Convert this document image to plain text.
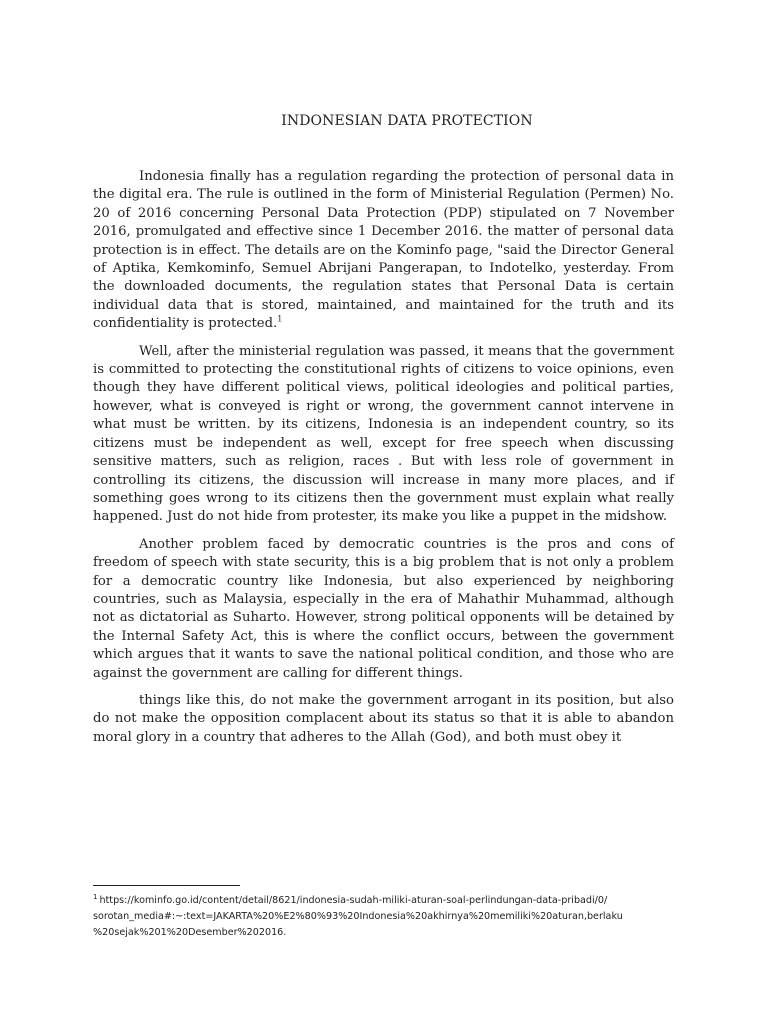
INDONESIAN DATA PROTECTION

Indonesia finally has a regulation regarding the protection of personal data in the digital era. The rule is outlined in the form of Ministerial Regulation (Permen) No. 20 of 2016 concerning Personal Data Protection (PDP) stipulated on 7 November 2016, promulgated and effective since 1 December 2016. the matter of personal data protection is in effect. The details are on the Kominfo page, "said the Director General of Aptika, Kemkominfo, Semuel Abrijani Pangerapan, to Indotelko, yesterday. From the downloaded documents, the regulation states that Personal Data is certain individual data that is stored, maintained, and maintained for the truth and its confidentiality is protected.$^1$

Well, after the ministerial regulation was passed, it means that the government is committed to protecting the constitutional rights of citizens to voice opinions, even though they have different political views, political ideologies and political parties, however, what is conveyed is right or wrong, the government cannot intervene in what must be written. by its citizens, Indonesia is an independent country, so its citizens must be independent as well, except for free speech when discussing sensitive matters, such as religion, races . But with less role of government in controlling its citizens, the discussion will increase in many more places, and if something goes wrong to its citizens then the government must explain what really happened. Just do not hide from protester, its make you like a puppet in the midshow.

Another problem faced by democratic countries is the pros and cons of freedom of speech with state security, this is a big problem that is not only a problem for a democratic country like Indonesia, but also experienced by neighboring countries, such as Malaysia, especially in the era of Mahathir Muhammad, although not as dictatorial as Suharto. However, strong political opponents will be detained by the Internal Safety Act, this is where the conflict occurs, between the government which argues that it wants to save the national political condition, and those who are against the government are calling for different things.

things like this, do not make the government arrogant in its position, but also do not make the opposition complacent about its status so that it is able to abandon moral glory in a country that adheres to the Allah (God), and both must obey it

$^1$ https://kominfo.go.id/content/detail/8621/indonesia-sudah-miliki-aturan-soal-perlindungan-data-pribadi/0/
sorotan_media#:~:text=JAKARTA%20%E2%80%93%20Indonesia%20akhirnya%20memiliki%20aturan,berlaku
%20sejak%201%20Desember%202016.
